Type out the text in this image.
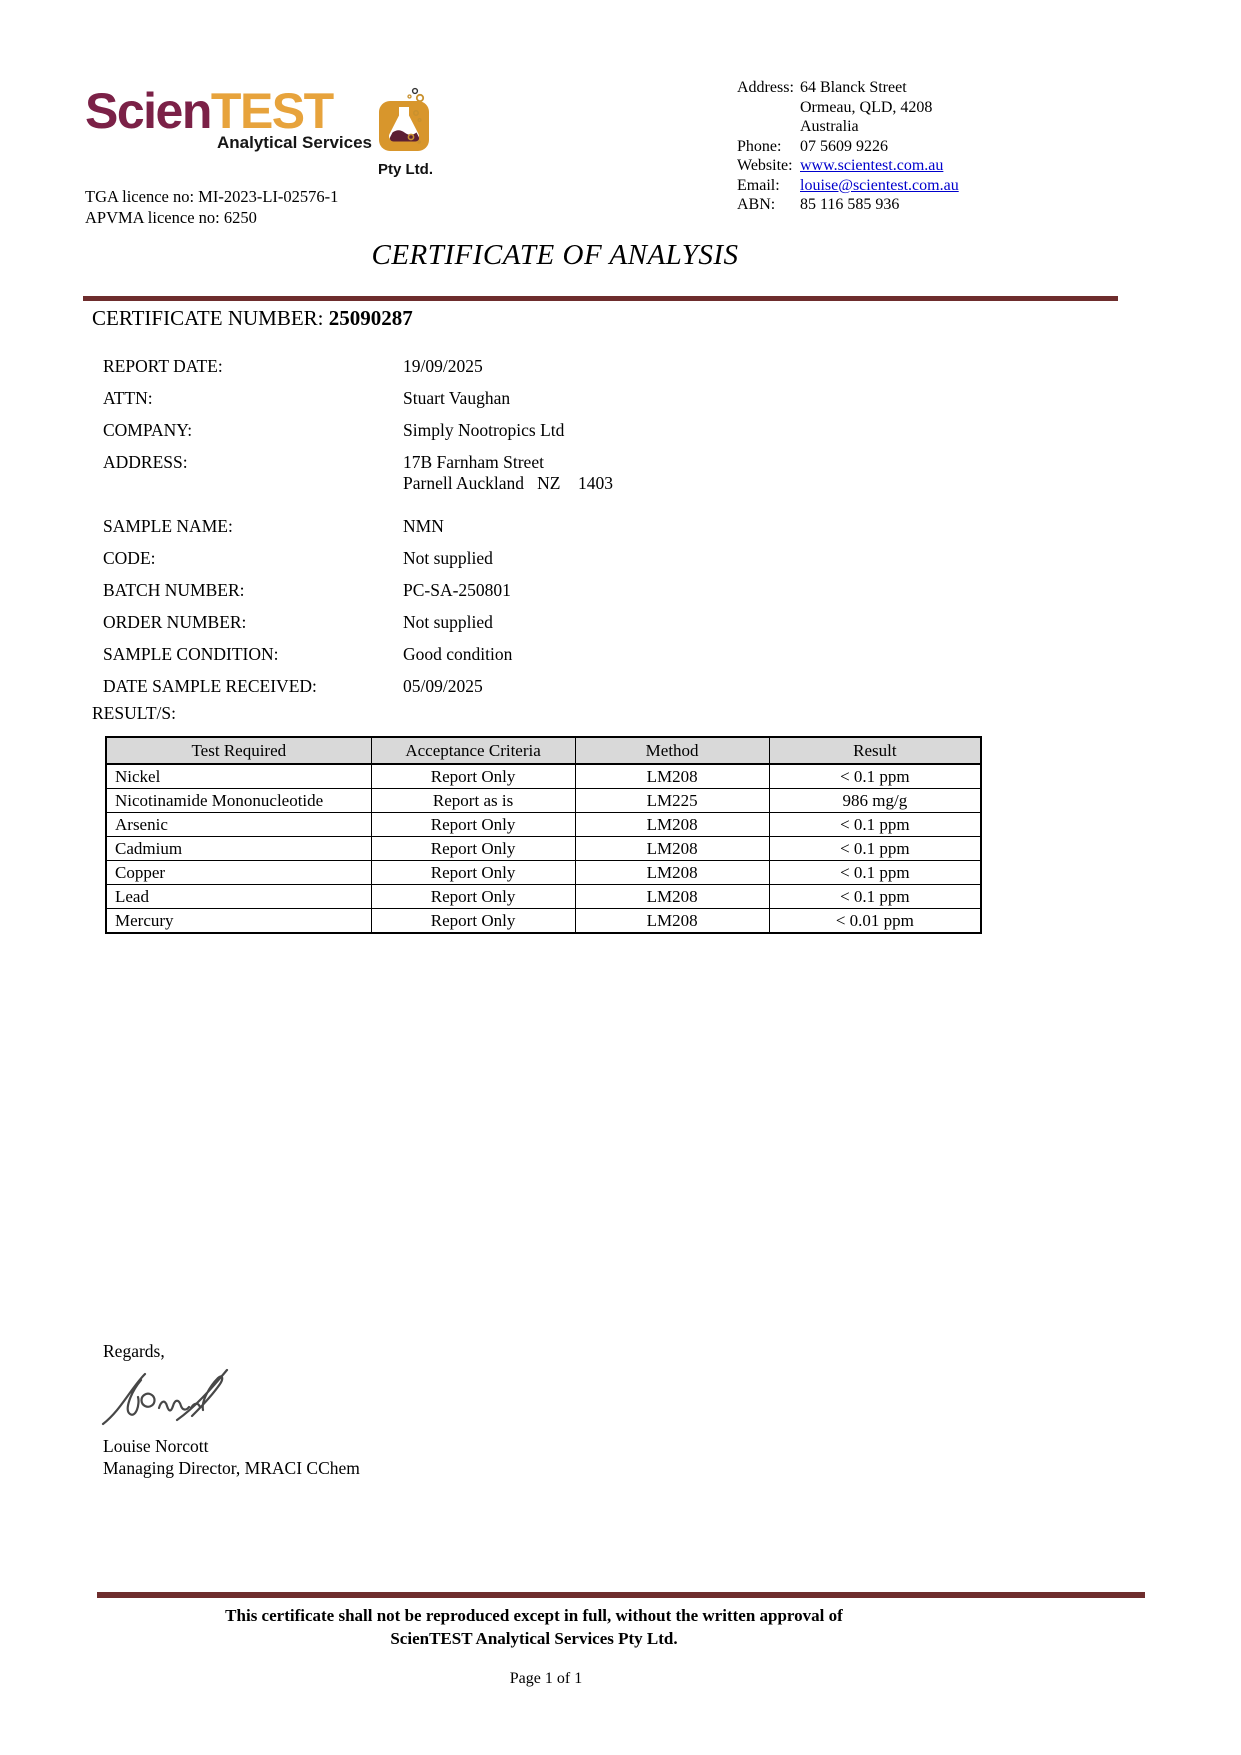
ScienTEST
Analytical Services
Pty Ltd.
TGA licence no: MI-2023-LI-02576-1
APVMA licence no: 6250
Address: 64 Blanck Street
Ormeau, QLD, 4208
Australia
Phone:	07 5609 9226
Website: www.scientest.com.au
Email:	louise@scientest.com.au
ABN:	85 116 585 936
CERTIFICATE OF ANALYSIS
CERTIFICATE NUMBER: 25090287
REPORT DATE:	19/09/2025
ATTN:	Stuart Vaughan
COMPANY:	Simply Nootropics Ltd
ADDRESS:	17B Farnham Street
Parnell Auckland   NZ    1403
SAMPLE NAME:	NMN
CODE:	Not supplied
BATCH NUMBER:	PC-SA-250801
ORDER NUMBER:	Not supplied
SAMPLE CONDITION:	Good condition
DATE SAMPLE RECEIVED:	05/09/2025
RESULT/S:
Test Required	Acceptance Criteria	Method	Result
Nickel	Report Only	LM208	< 0.1 ppm
Nicotinamide Mononucleotide	Report as is	LM225	986 mg/g
Arsenic	Report Only	LM208	< 0.1 ppm
Cadmium	Report Only	LM208	< 0.1 ppm
Copper	Report Only	LM208	< 0.1 ppm
Lead	Report Only	LM208	< 0.1 ppm
Mercury	Report Only	LM208	< 0.01 ppm
Regards,
Louise Norcott
Managing Director, MRACI CChem
This certificate shall not be reproduced except in full, without the written approval of
ScienTEST Analytical Services Pty Ltd.
Page 1 of 1
